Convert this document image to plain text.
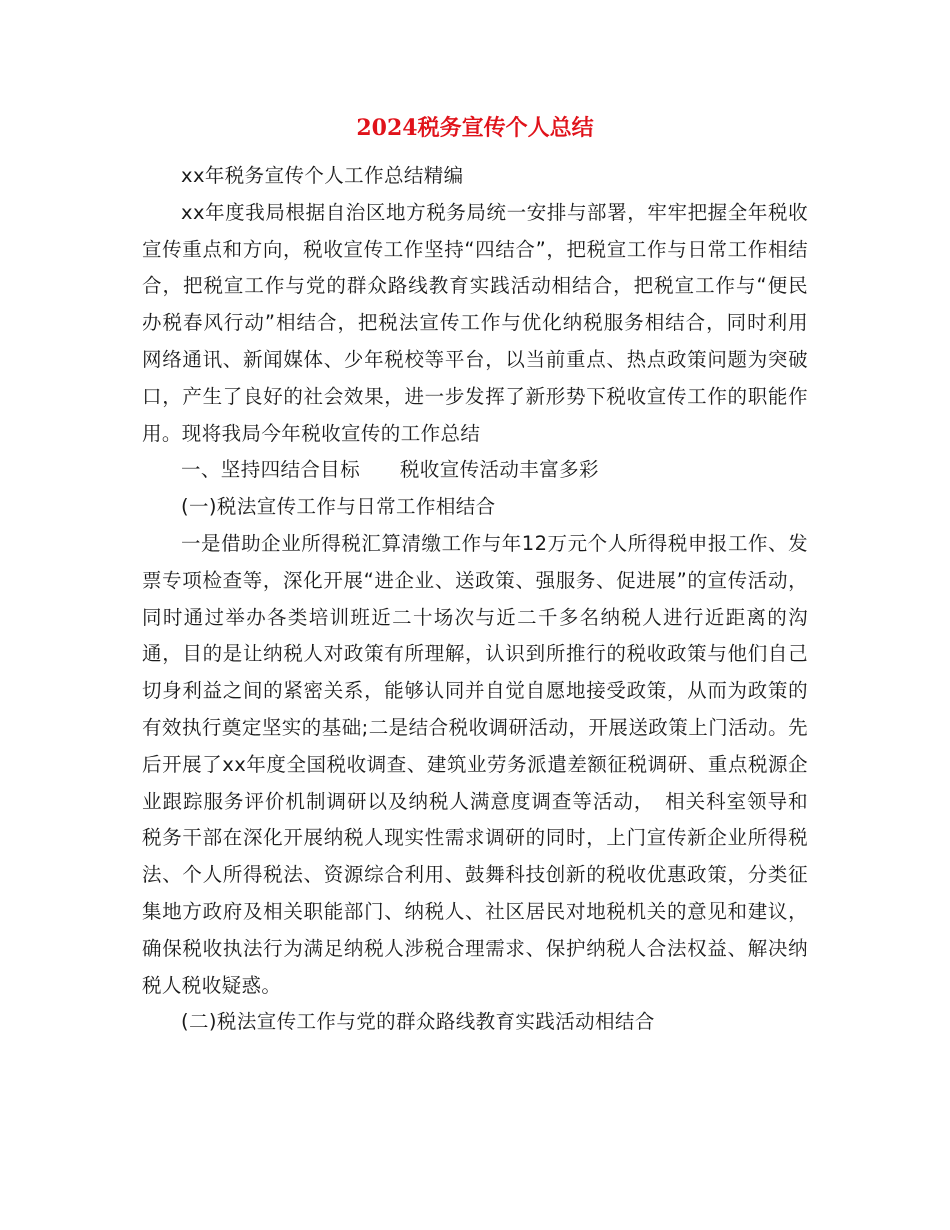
2024税务宣传个人总结

xx年税务宣传个人工作总结精编

xx年度我局根据自治区地方税务局统一安排与部署，牢牢把握全年税收宣传重点和方向，税收宣传工作坚持“四结合”，把税宣工作与日常工作相结合，把税宣工作与党的群众路线教育实践活动相结合，把税宣工作与“便民办税春风行动”相结合，把税法宣传工作与优化纳税服务相结合，同时利用网络通讯、新闻媒体、少年税校等平台，以当前重点、热点政策问题为突破口，产生了良好的社会效果，进一步发挥了新形势下税收宣传工作的职能作用。现将我局今年税收宣传的工作总结

一、坚持四结合目标　　税收宣传活动丰富多彩

(一)税法宣传工作与日常工作相结合

一是借助企业所得税汇算清缴工作与年12万元个人所得税申报工作、发票专项检查等，深化开展“进企业、送政策、强服务、促进展”的宣传活动，同时通过举办各类培训班近二十场次与近二千多名纳税人进行近距离的沟通，目的是让纳税人对政策有所理解，认识到所推行的税收政策与他们自己切身利益之间的紧密关系，能够认同并自觉自愿地接受政策，从而为政策的有效执行奠定坚实的基础;二是结合税收调研活动，开展送政策上门活动。先后开展了xx年度全国税收调查、建筑业劳务派遣差额征税调研、重点税源企业跟踪服务评价机制调研以及纳税人满意度调查等活动，　相关科室领导和税务干部在深化开展纳税人现实性需求调研的同时，上门宣传新企业所得税法、个人所得税法、资源综合利用、鼓舞科技创新的税收优惠政策，分类征集地方政府及相关职能部门、纳税人、社区居民对地税机关的意见和建议，确保税收执法行为满足纳税人涉税合理需求、保护纳税人合法权益、解决纳税人税收疑惑。

(二)税法宣传工作与党的群众路线教育实践活动相结合
